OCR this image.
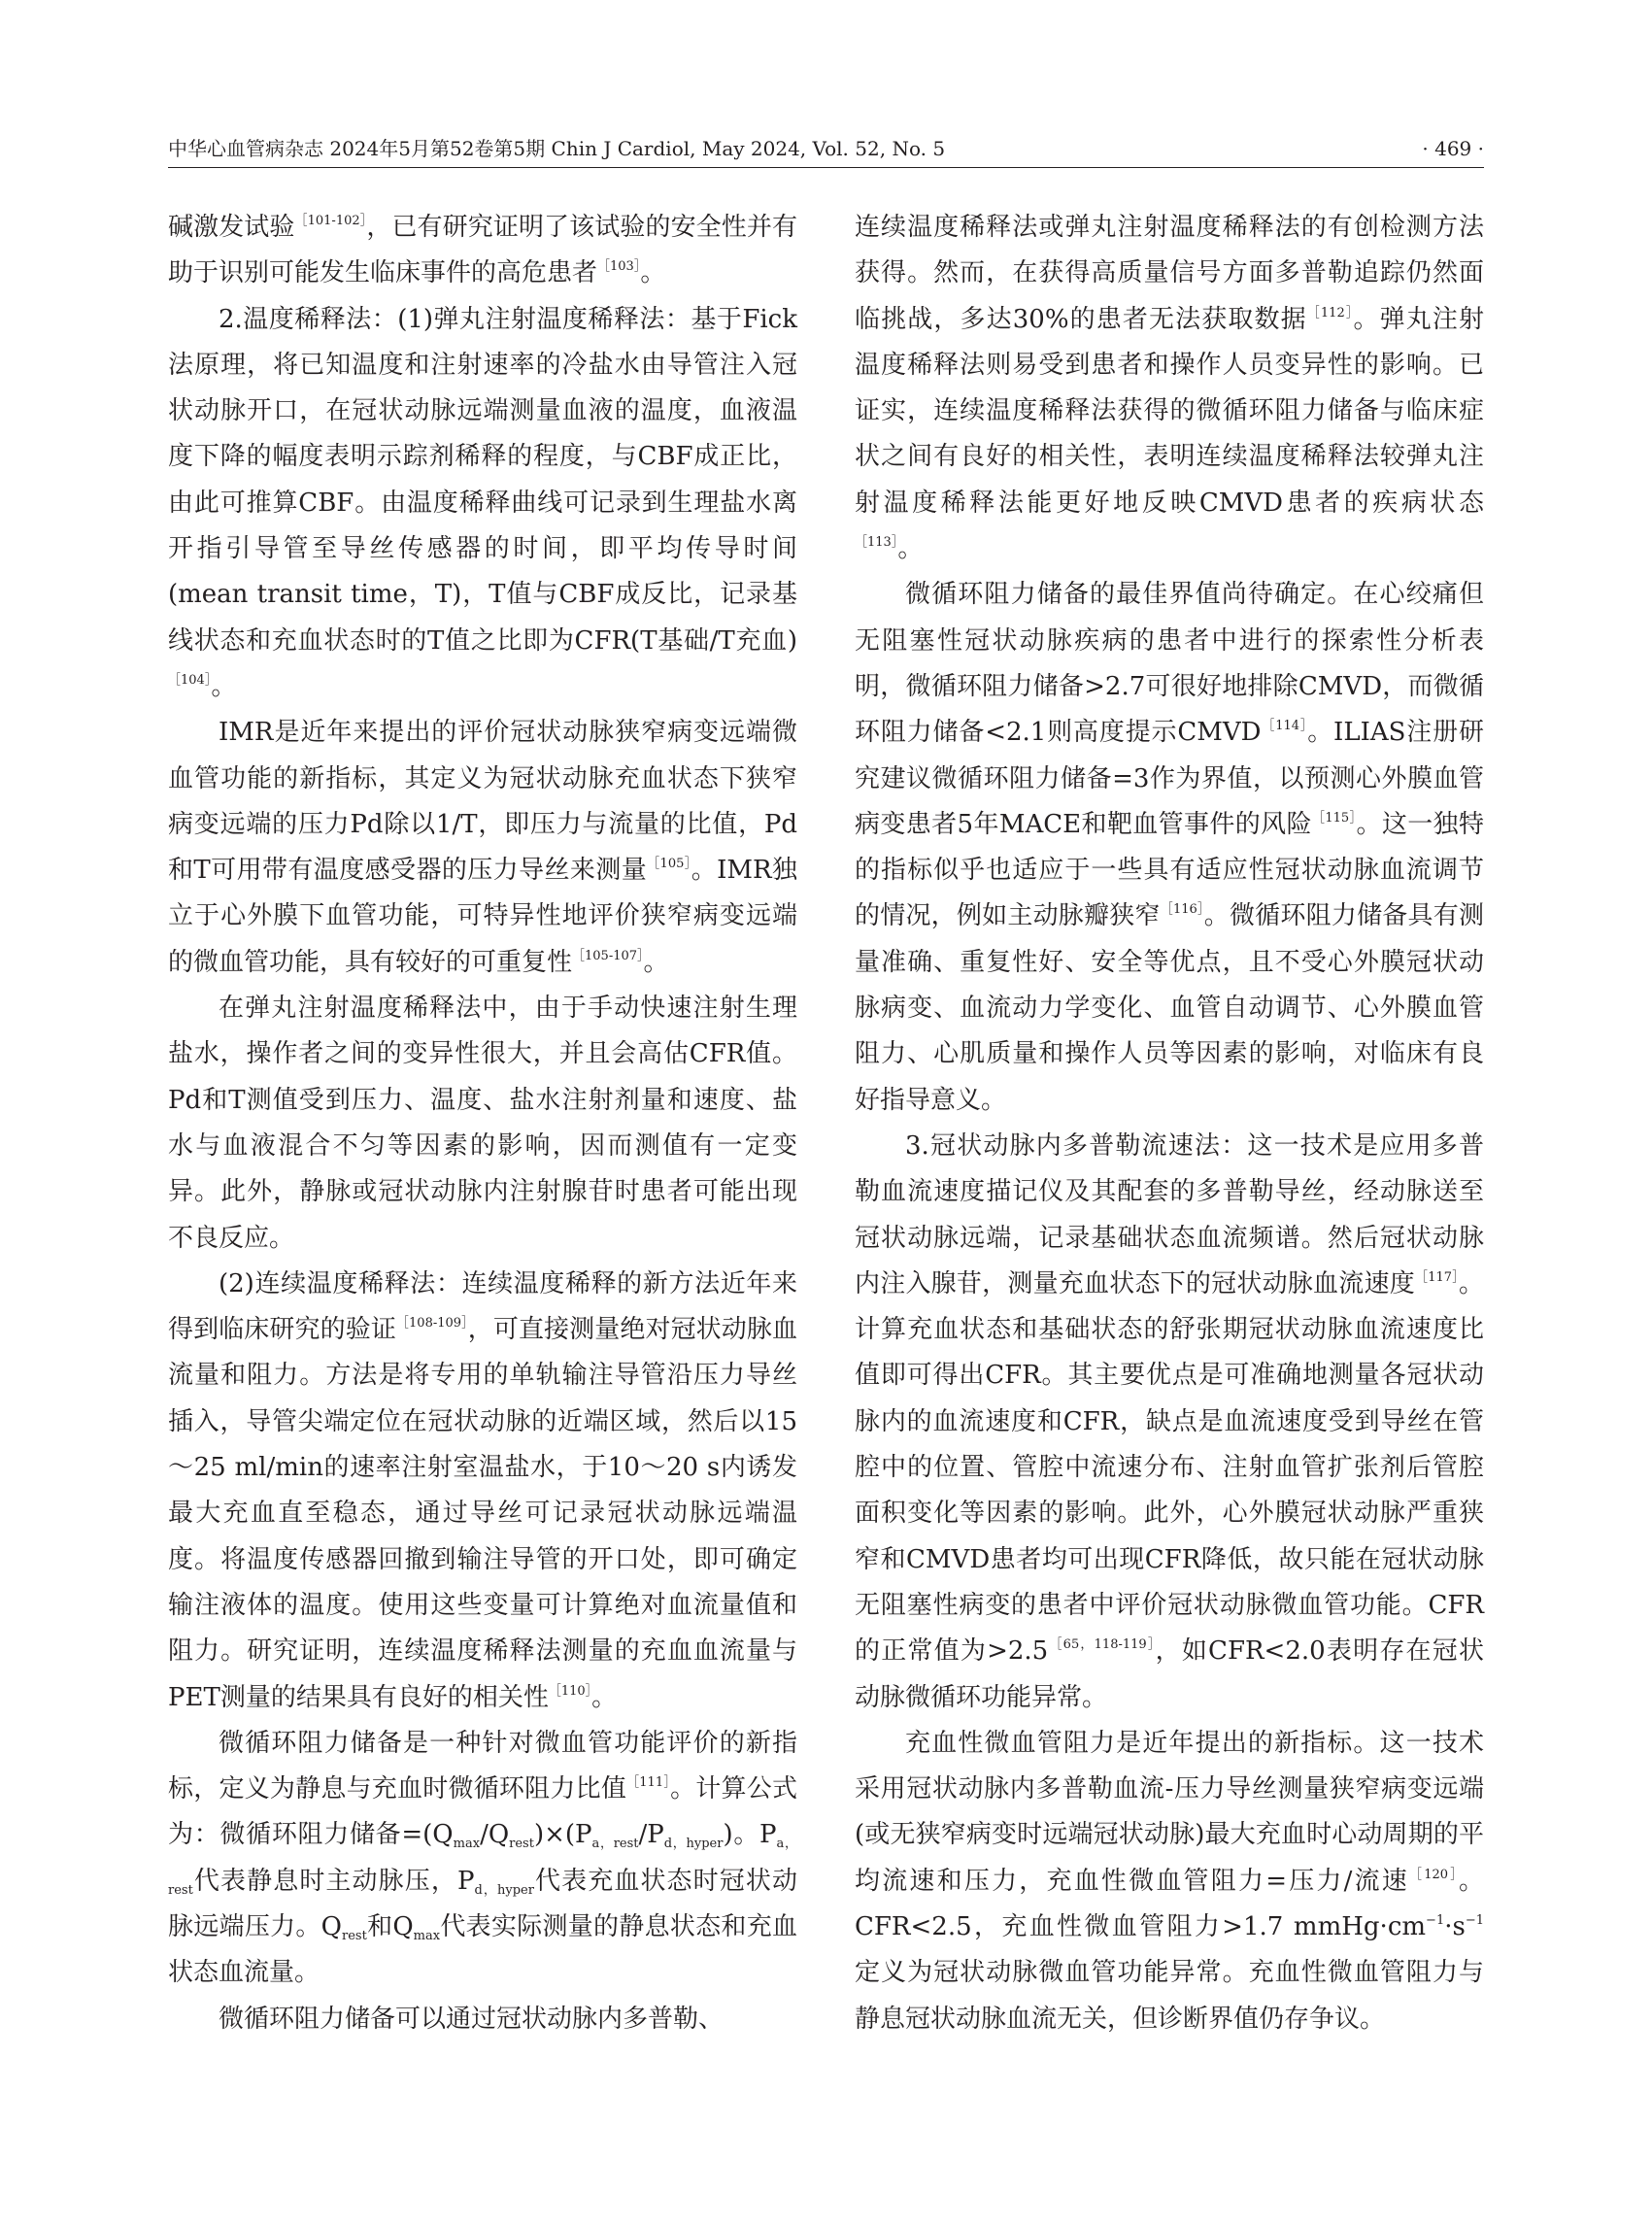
中华心血管病杂志 2024年5月第52卷第5期 Chin J Cardiol, May 2024, Vol. 52, No. 5	· 469 ·

碱激发试验$^{[101‑102]}$，已有研究证明了该试验的安全性并有助于识别可能发生临床事件的高危患者$^{[103]}$。

2.温度稀释法：(1)弹丸注射温度稀释法：基于Fick法原理，将已知温度和注射速率的冷盐水由导管注入冠状动脉开口，在冠状动脉远端测量血液的温度，血液温度下降的幅度表明示踪剂稀释的程度，与CBF成正比，由此可推算CBF。由温度稀释曲线可记录到生理盐水离开指引导管至导丝传感器的时间，即平均传导时间(mean transit time，T)，T值与CBF成反比，记录基线状态和充血状态时的T值之比即为CFR(T基础/T充血)$^{[104]}$。

IMR是近年来提出的评价冠状动脉狭窄病变远端微血管功能的新指标，其定义为冠状动脉充血状态下狭窄病变远端的压力Pd除以1/T，即压力与流量的比值，Pd和T可用带有温度感受器的压力导丝来测量$^{[105]}$。IMR独立于心外膜下血管功能，可特异性地评价狭窄病变远端的微血管功能，具有较好的可重复性$^{[105‑107]}$。

在弹丸注射温度稀释法中，由于手动快速注射生理盐水，操作者之间的变异性很大，并且会高估CFR值。Pd和T测值受到压力、温度、盐水注射剂量和速度、盐水与血液混合不匀等因素的影响，因而测值有一定变异。此外，静脉或冠状动脉内注射腺苷时患者可能出现不良反应。

(2)连续温度稀释法：连续温度稀释的新方法近年来得到临床研究的验证$^{[108‑109]}$，可直接测量绝对冠状动脉血流量和阻力。方法是将专用的单轨输注导管沿压力导丝插入，导管尖端定位在冠状动脉的近端区域，然后以15～25 ml/min的速率注射室温盐水，于10～20 s内诱发最大充血直至稳态，通过导丝可记录冠状动脉远端温度。将温度传感器回撤到输注导管的开口处，即可确定输注液体的温度。使用这些变量可计算绝对血流量值和阻力。研究证明，连续温度稀释法测量的充血血流量与PET测量的结果具有良好的相关性$^{[110]}$。

微循环阻力储备是一种针对微血管功能评价的新指标，定义为静息与充血时微循环阻力比值$^{[111]}$。计算公式为：微循环阻力储备$=(Q_{max}/Q_{rest})\times(P_{a,rest}/P_{d,hyper})$。$P_{a,rest}$代表静息时主动脉压，$P_{d,hyper}$代表充血状态时冠状动脉远端压力。$Q_{rest}$和$Q_{max}$代表实际测量的静息状态和充血状态血流量。

微循环阻力储备可以通过冠状动脉内多普勒、

连续温度稀释法或弹丸注射温度稀释法的有创检测方法获得。然而，在获得高质量信号方面多普勒追踪仍然面临挑战，多达30%的患者无法获取数据$^{[112]}$。弹丸注射温度稀释法则易受到患者和操作人员变异性的影响。已证实，连续温度稀释法获得的微循环阻力储备与临床症状之间有良好的相关性，表明连续温度稀释法较弹丸注射温度稀释法能更好地反映CMVD患者的疾病状态$^{[113]}$。

微循环阻力储备的最佳界值尚待确定。在心绞痛但无阻塞性冠状动脉疾病的患者中进行的探索性分析表明，微循环阻力储备>2.7可很好地排除CMVD，而微循环阻力储备<2.1则高度提示CMVD$^{[114]}$。ILIAS注册研究建议微循环阻力储备=3作为界值，以预测心外膜血管病变患者5年MACE和靶血管事件的风险$^{[115]}$。这一独特的指标似乎也适应于一些具有适应性冠状动脉血流调节的情况，例如主动脉瓣狭窄$^{[116]}$。微循环阻力储备具有测量准确、重复性好、安全等优点，且不受心外膜冠状动脉病变、血流动力学变化、血管自动调节、心外膜血管阻力、心肌质量和操作人员等因素的影响，对临床有良好指导意义。

3.冠状动脉内多普勒流速法：这一技术是应用多普勒血流速度描记仪及其配套的多普勒导丝，经动脉送至冠状动脉远端，记录基础状态血流频谱。然后冠状动脉内注入腺苷，测量充血状态下的冠状动脉血流速度$^{[117]}$。计算充血状态和基础状态的舒张期冠状动脉血流速度比值即可得出CFR。其主要优点是可准确地测量各冠状动脉内的血流速度和CFR，缺点是血流速度受到导丝在管腔中的位置、管腔中流速分布、注射血管扩张剂后管腔面积变化等因素的影响。此外，心外膜冠状动脉严重狭窄和CMVD患者均可出现CFR降低，故只能在冠状动脉无阻塞性病变的患者中评价冠状动脉微血管功能。CFR的正常值为>2.5$^{[65,118‑119]}$，如CFR<2.0表明存在冠状动脉微循环功能异常。

充血性微血管阻力是近年提出的新指标。这一技术采用冠状动脉内多普勒血流‑压力导丝测量狭窄病变远端(或无狭窄病变时远端冠状动脉)最大充血时心动周期的平均流速和压力，充血性微血管阻力=压力/流速$^{[120]}$。CFR<2.5，充血性微血管阻力>1.7 mmHg·cm$^{-1}$·s$^{-1}$定义为冠状动脉微血管功能异常。充血性微血管阻力与静息冠状动脉血流无关，但诊断界值仍存争议。
